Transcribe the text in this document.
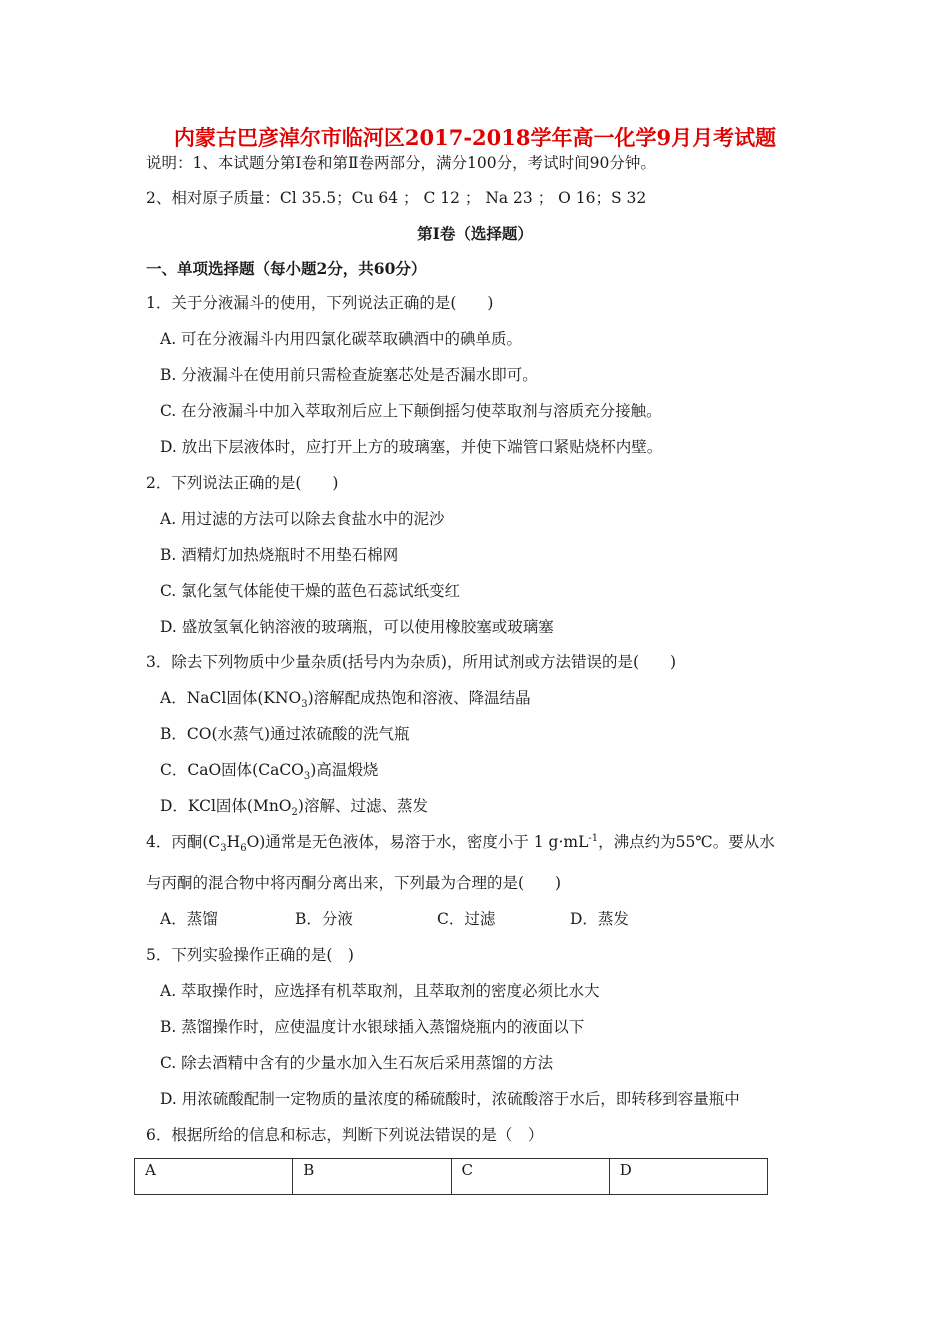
内蒙古巴彦淖尔市临河区2017-2018学年高一化学9月月考试题
说明：1、本试题分第Ⅰ卷和第Ⅱ卷两部分，满分100分，考试时间90分钟。
2、相对原子质量：Cl 35.5；Cu 64 ； C 12 ； Na 23 ； O 16；S 32
第Ⅰ卷（选择题）
一、单项选择题（每小题2分，共60分）
1．关于分液漏斗的使用，下列说法正确的是(　　)
A. 可在分液漏斗内用四氯化碳萃取碘酒中的碘单质。
B. 分液漏斗在使用前只需检查旋塞芯处是否漏水即可。
C. 在分液漏斗中加入萃取剂后应上下颠倒摇匀使萃取剂与溶质充分接触。
D. 放出下层液体时，应打开上方的玻璃塞，并使下端管口紧贴烧杯内壁。
2．下列说法正确的是(　　)
A. 用过滤的方法可以除去食盐水中的泥沙
B. 酒精灯加热烧瓶时不用垫石棉网
C. 氯化氢气体能使干燥的蓝色石蕊试纸变红
D. 盛放氢氧化钠溶液的玻璃瓶，可以使用橡胶塞或玻璃塞
3．除去下列物质中少量杂质(括号内为杂质)，所用试剂或方法错误的是(　　)
A．NaCl固体$(KNO_3)$溶解配成热饱和溶液、降温结晶
B．CO(水蒸气)通过浓硫酸的洗气瓶
C．CaO固体(CaCO$_3$)高温煅烧
D．KCl固体(MnO$_2$)溶解、过滤、蒸发
4．丙酮$(C_3H_6O)$通常是无色液体，易溶于水，密度小于 1 $g\cdot mL^{-1}$，沸点约为55℃。要从水
与丙酮的混合物中将丙酮分离出来，下列最为合理的是(　　)
A．蒸馏	B．分液	C．过滤	D．蒸发
5．下列实验操作正确的是(　)
A. 萃取操作时，应选择有机萃取剂，且萃取剂的密度必须比水大
B. 蒸馏操作时，应使温度计水银球插入蒸馏烧瓶内的液面以下
C. 除去酒精中含有的少量水加入生石灰后采用蒸馏的方法
D. 用浓硫酸配制一定物质的量浓度的稀硫酸时，浓硫酸溶于水后，即转移到容量瓶中
6．根据所给的信息和标志，判断下列说法错误的是（　）
A	B	C	D
